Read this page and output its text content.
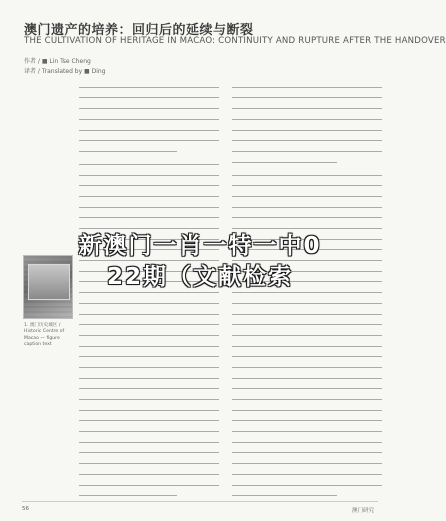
澳门遗产的培养：回归后的延续与断裂
THE CULTIVATION OF HERITAGE IN MACAO: CONTINUITY AND RUPTURE AFTER THE HANDOVER
作者 / ■ Lin Tse Cheng
译者 / Translated by ■ Ding
1. 澳门历史城区 / Historic Centre of Macao — figure caption text
新澳门一肖一特一中0
22期（文献检索
56	澳门研究
